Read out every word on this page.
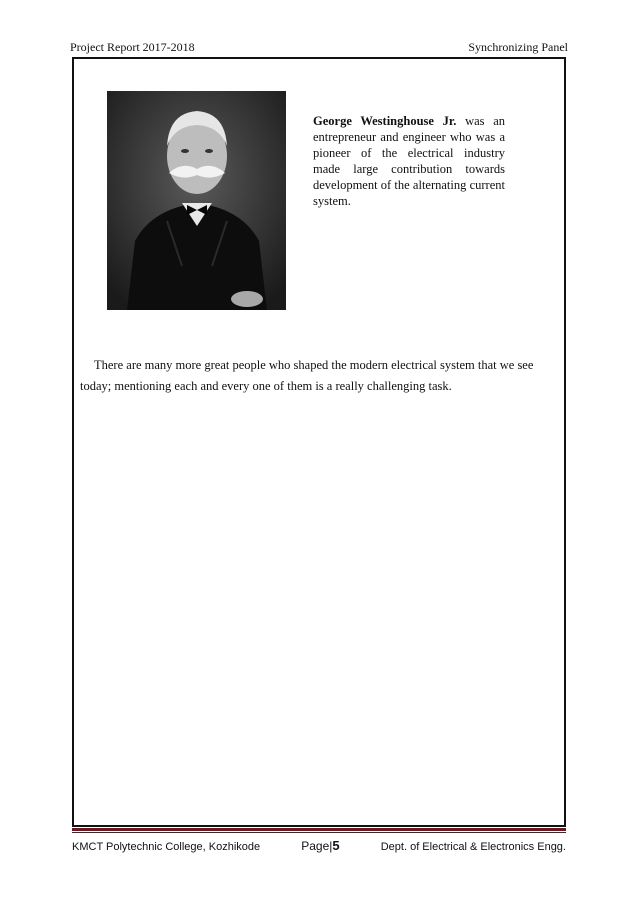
Project Report 2017-2018	Synchronizing Panel
George Westinghouse Jr. was an entrepreneur and engineer who was a pioneer of the electrical industry made large contribution towards development of the alternating current system.
There are many more great people who shaped the modern electrical system that we see today; mentioning each and every one of them is a really challenging task.
KMCT Polytechnic College, Kozhikode	Page|5	Dept. of Electrical & Electronics Engg.
